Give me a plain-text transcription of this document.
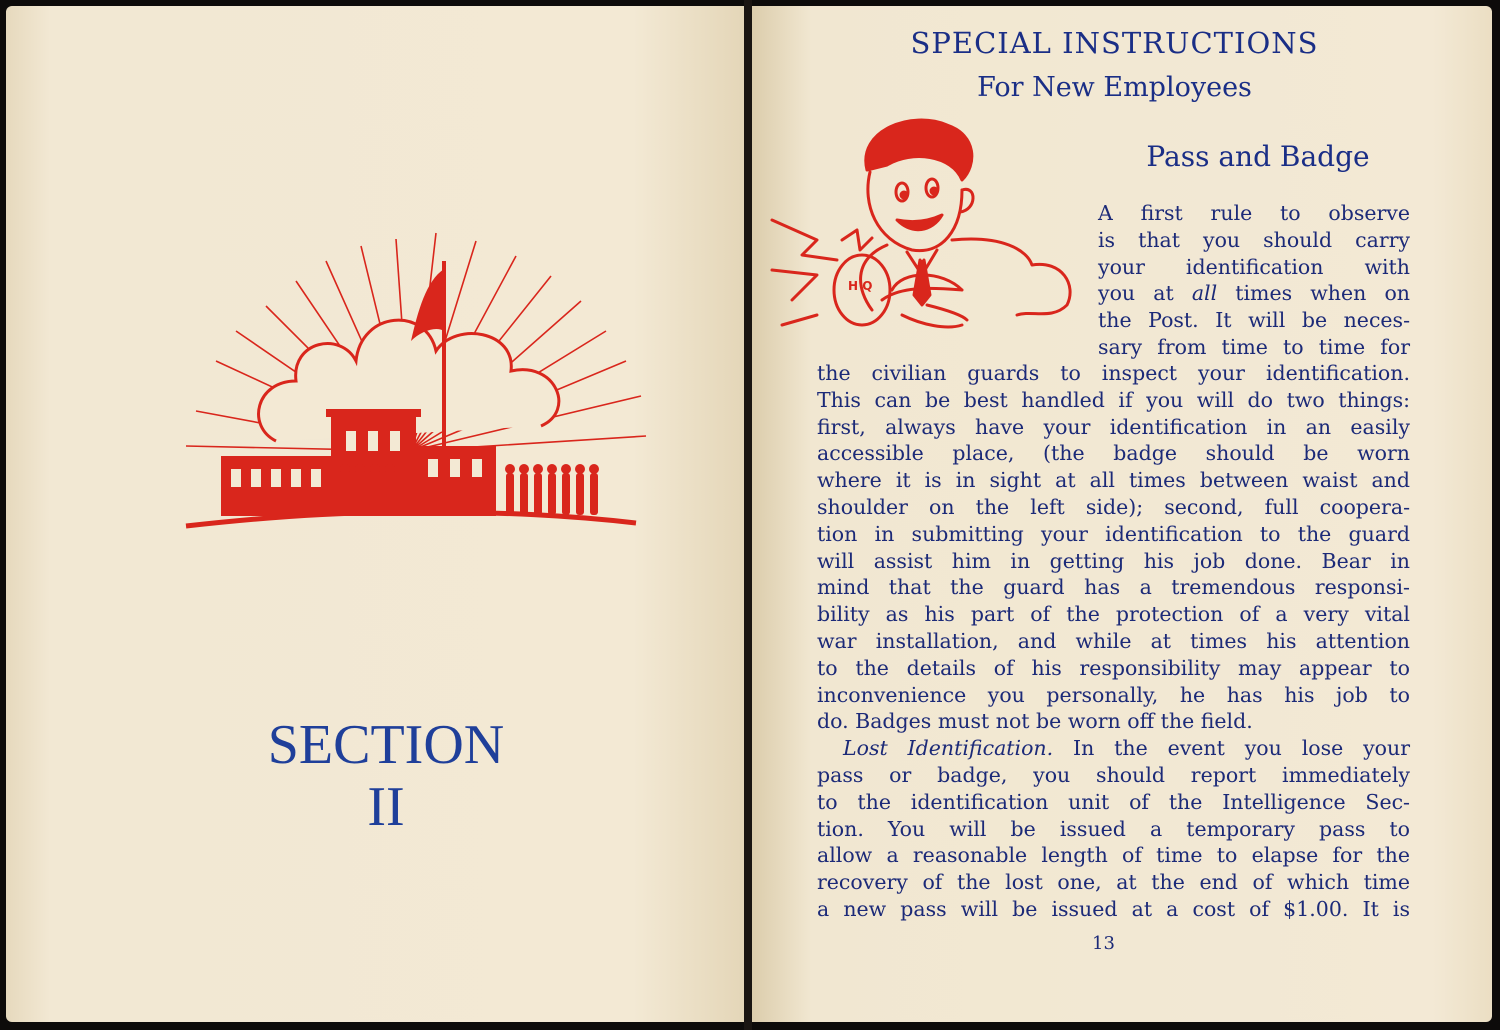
SECTION
II
SPECIAL INSTRUCTIONS
For New Employees
Pass and Badge
H Q
A first rule to observe
is that you should carry
your identification with
you at all times when on
the Post. It will be neces-
sary from time to time for
the civilian guards to inspect your identification.
This can be best handled if you will do two things:
first, always have your identification in an easily
accessible place, (the badge should be worn
where it is in sight at all times between waist and
shoulder on the left side); second, full coopera-
tion in submitting your identification to the guard
will assist him in getting his job done. Bear in
mind that the guard has a tremendous responsi-
bility as his part of the protection of a very vital
war installation, and while at times his attention
to the details of his responsibility may appear to
inconvenience you personally, he has his job to
do. Badges must not be worn off the field.
Lost Identification. In the event you lose your
pass or badge, you should report immediately
to the identification unit of the Intelligence Sec-
tion. You will be issued a temporary pass to
allow a reasonable length of time to elapse for the
recovery of the lost one, at the end of which time
a new pass will be issued at a cost of $1.00. It is
13
